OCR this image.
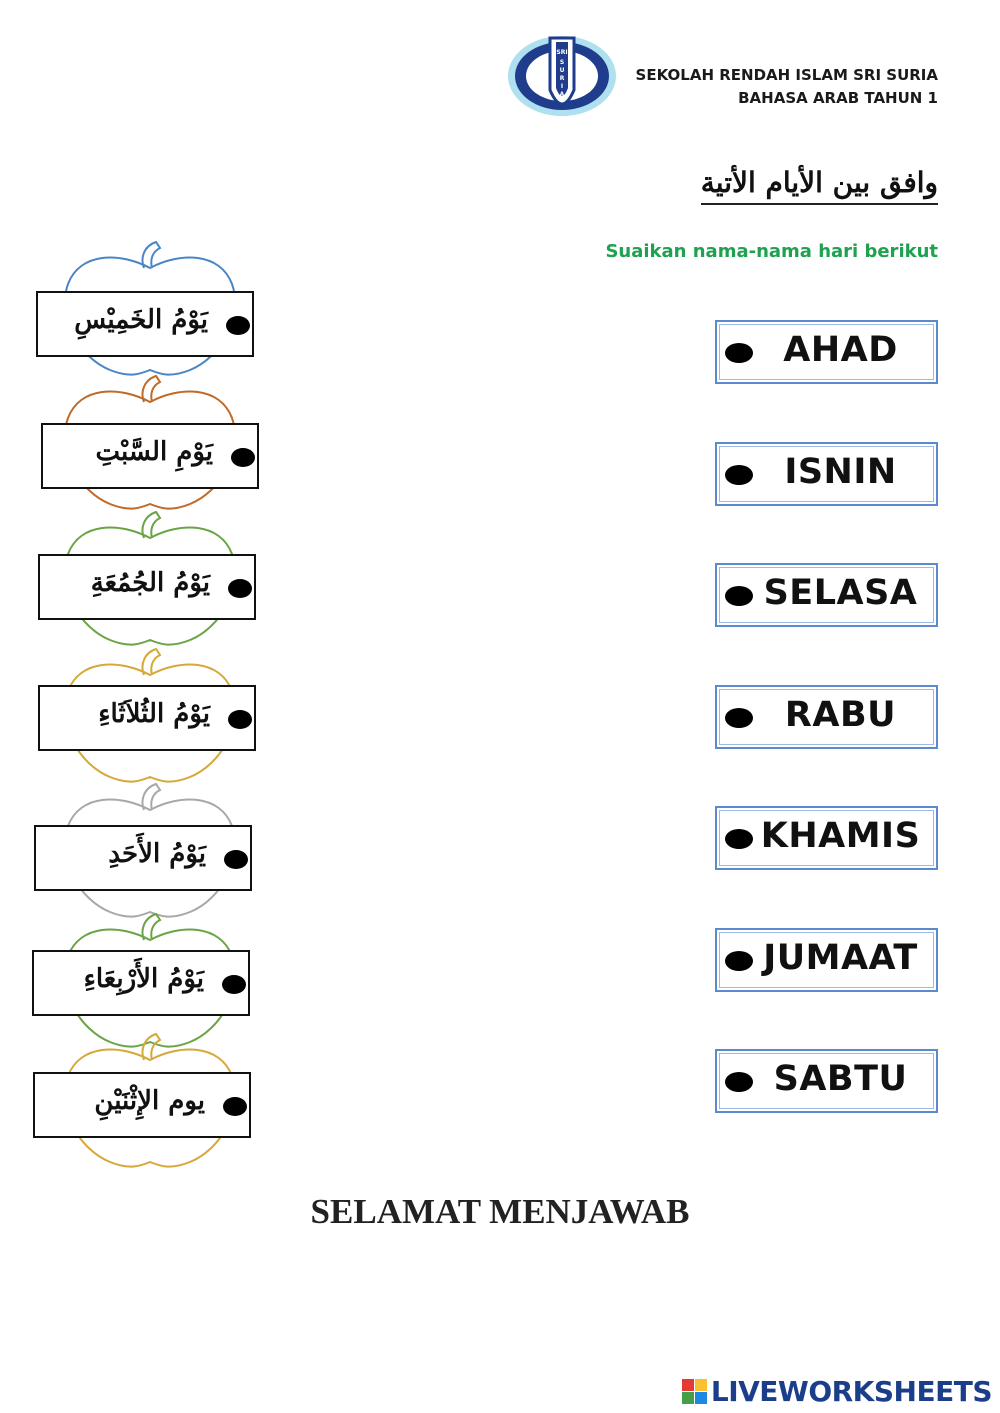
SRI
S
U
R
I
A
SEKOLAH RENDAH ISLAM SRI SURIA
BAHASA ARAB TAHUN 1
وافق بين الأيام الأتية
Suaikan nama-nama hari berikut
يَوْمُ الخَمِيْسِ
يَوْمِ السَّبْتِ
يَوْمُ الجُمُعَةِ
يَوْمُ الثُلاَثَاءِ
يَوْمُ الأَحَدِ
يَوْمُ الأَرْبِعَاءِ
يوم الإِثْنَيْنِ
AHAD
ISNIN
SELASA
RABU
KHAMIS
JUMAAT
SABTU
SELAMAT MENJAWAB
LIVEWORKSHEETS
